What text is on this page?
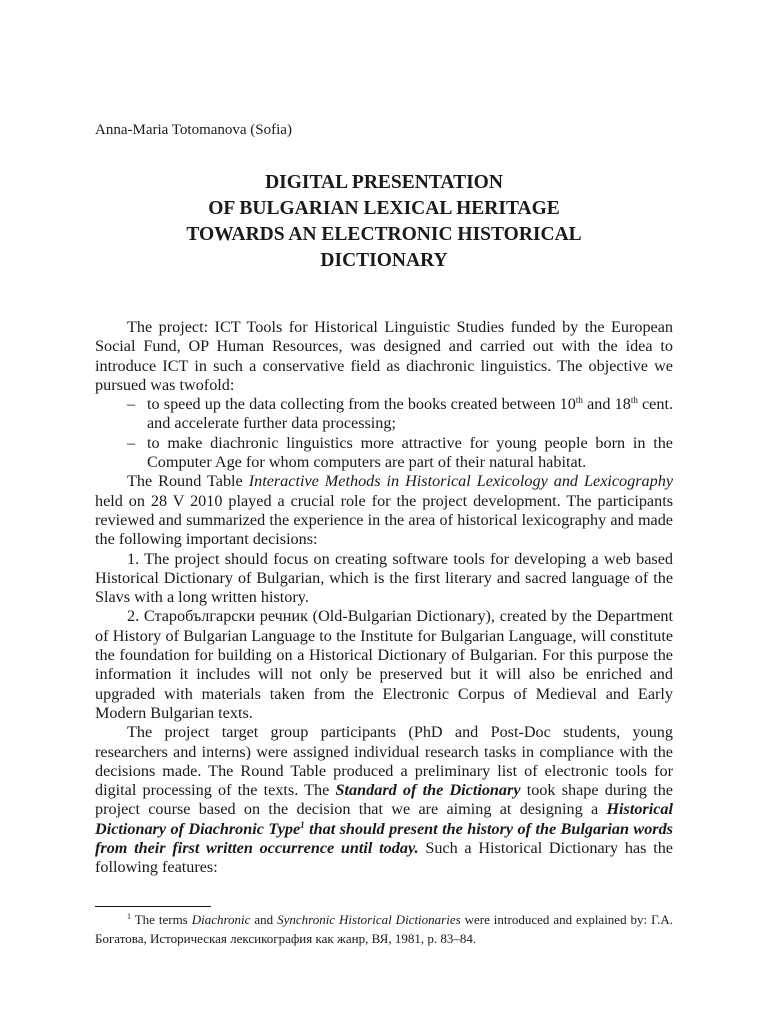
Anna-Maria Totomanova (Sofia)
DIGITAL PRESENTATION
OF BULGARIAN LEXICAL HERITAGE
TOWARDS AN ELECTRONIC HISTORICAL
DICTIONARY

The project: ICT Tools for Historical Linguistic Studies funded by the European Social Fund, OP Human Resources, was designed and carried out with the idea to introduce ICT in such a conservative field as diachronic linguistics. The objective we pursued was twofold:

– to speed up the data collecting from the books created between 10th and 18th cent. and accelerate further data processing;
– to make diachronic linguistics more attractive for young people born in the Computer Age for whom computers are part of their natural habitat.

The Round Table Interactive Methods in Historical Lexicology and Lexicography held on 28 V 2010 played a crucial role for the project development. The participants reviewed and summarized the experience in the area of historical lexicography and made the following important decisions:

1. The project should focus on creating software tools for developing a web based Historical Dictionary of Bulgarian, which is the first literary and sacred language of the Slavs with a long written history.

2. Старобългарски речник (Old-Bulgarian Dictionary), created by the Department of History of Bulgarian Language to the Institute for Bulgarian Language, will constitute the foundation for building on a Historical Dictionary of Bulgarian. For this purpose the information it includes will not only be preserved but it will also be enriched and upgraded with materials taken from the Electronic Corpus of Medieval and Early Modern Bulgarian texts.

The project target group participants (PhD and Post-Doc students, young researchers and interns) were assigned individual research tasks in compliance with the decisions made. The Round Table produced a preliminary list of electronic tools for digital processing of the texts. The Standard of the Dictionary took shape during the project course based on the decision that we are aiming at designing a Historical Dictionary of Diachronic Type$^1$ that should present the history of the Bulgarian words from their first written occurrence until today. Such a Historical Dictionary has the following features:

$^1$ The terms Diachronic and Synchronic Historical Dictionaries were introduced and explained by: Г.А. Богатова, Историческая лексикография как жанр, ВЯ, 1981, p. 83–84.
